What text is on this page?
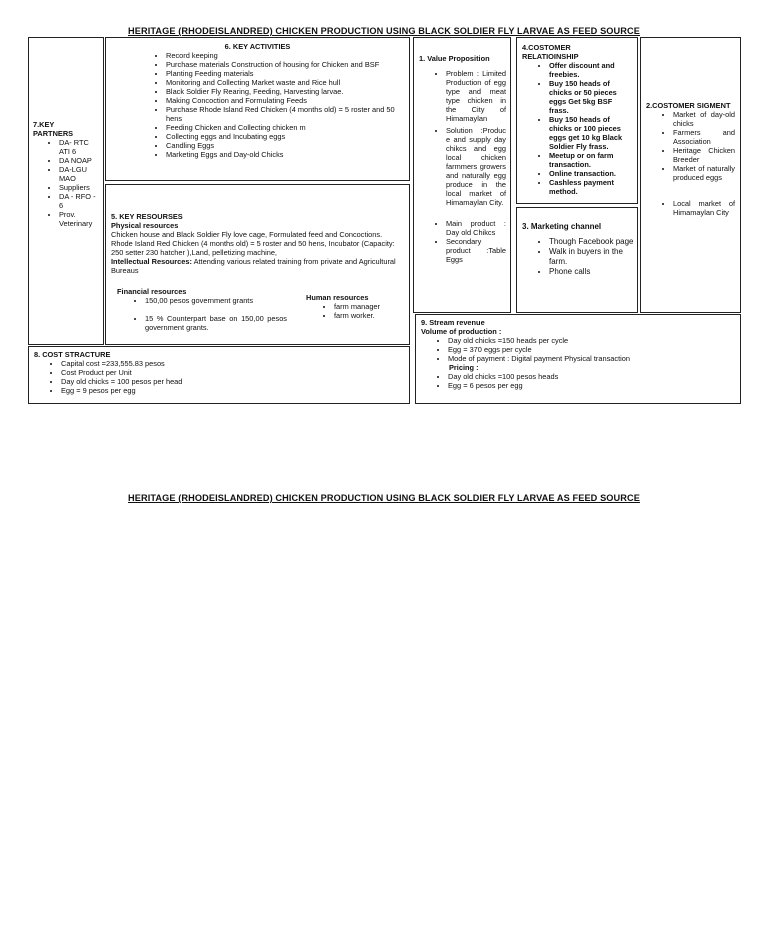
HERITAGE (RHODEISLANDRED) CHICKEN PRODUCTION USING BLACK SOLDIER FLY LARVAE AS FEED SOURCE
7.KEY
PARTNERS
• DA- RTC ATI 6
• DA NOAP
• DA-LGU MAO
• Suppliers
• DA - RFO - 6
• Prov. Veterinary
6. KEY ACTIVITIES
• Record keeping
• Purchase materials Construction of housing for Chicken and BSF
• Planting Feeding materials
• Monitoring and Collecting Market waste and Rice hull
• Black Soldier Fly Rearing, Feeding, Harvesting larvae.
• Making Concoction and Formulating Feeds
• Purchase Rhode Island Red Chicken (4 months old) = 5 roster and 50 hens
• Feeding Chicken and Collecting chicken m
• Collecting eggs and Incubating eggs
• Candling Eggs
• Marketing Eggs and Day-old Chicks
5. KEY RESOURSES
Physical resources
Chicken house and Black Soldier Fly love cage, Formulated feed and Concoctions. Rhode Island Red Chicken (4 months old) = 5 roster and 50 hens, Incubator (Capacity: 250 setter 230 hatcher ),Land, pelletizing machine,
Intellectual Resources: Attending various related training from private and Agricultural Bureaus
Financial resources
• 150,00 pesos government grants
• 15 % Counterpart base on 150,00 pesos government grants.
Human resources
• farm manager
• farm worker.
1. Value Proposition
• Problem : Limited Production of egg type and meat type chicken in the City of Himamaylan
• Solution :Produc e and supply day chikcs and egg local chicken farmmers growers and naturally egg produce in the local market of Himamaylan City.
• Main product : Day old Chikcs
• Secondary product :Table Eggs
4.COSTOMER
RELATIOINSHIP
• Offer discount and freebies.
• Buy 150 heads of chicks or 50 pieces eggs Get 5kg BSF frass.
• Buy 150 heads of chicks or 100 pieces eggs get 10 kg Black Soldier Fly frass.
• Meetup or on farm transaction.
• Online transaction.
• Cashless payment method.
3. Marketing channel
• Though Facebook page
• Walk in buyers in the farm.
• Phone calls
2.COSTOMER SIGMENT
• Market of day-old chicks
• Farmers and Association
• Heritage Chicken Breeder
• Market of naturally produced eggs
• Local market of Himamaylan City
8. COST STRACTURE
• Capital cost =233,555.83 pesos
• Cost Product per Unit
• Day old chicks = 100 pesos per head
• Egg = 9 pesos per egg
9. Stream revenue
Volume of production :
• Day old chicks =150 heads per cycle
• Egg = 370 eggs per cycle
• Mode of payment : Digital payment Physical transaction
Pricing :
• Day old chicks =100 pesos heads
• Egg = 6 pesos per egg
HERITAGE (RHODEISLANDRED) CHICKEN PRODUCTION USING BLACK SOLDIER FLY LARVAE AS FEED SOURCE
